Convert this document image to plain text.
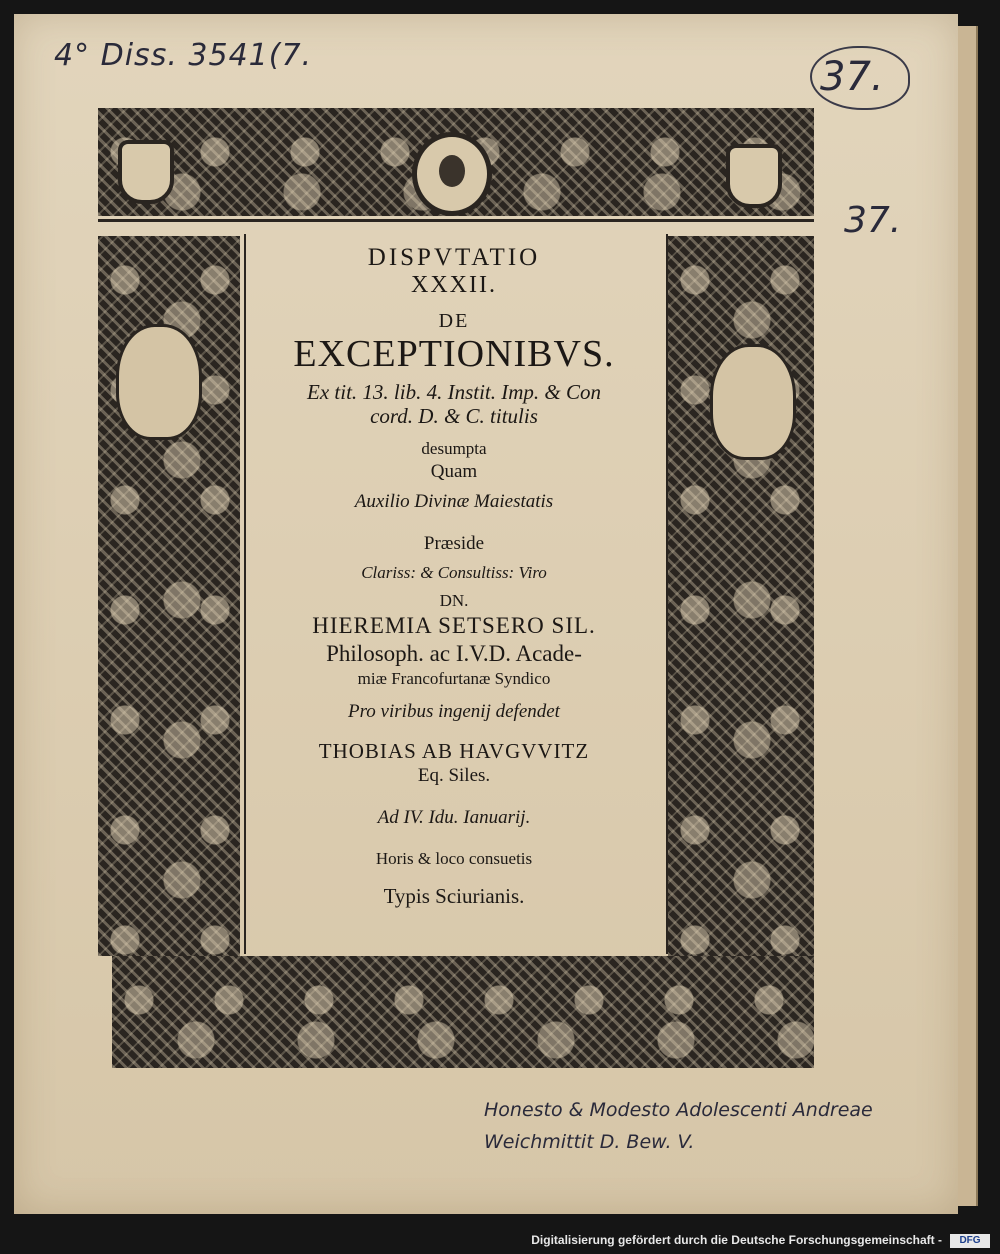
4° Diss. 3541(7.	37.
37.
DISPVTATIO
XXXII.
DE
EXCEPTIONIBVS.
Ex tit. 13. lib. 4. Instit. Imp. & Con
cord. D. & C. titulis
desumpta
Quam
Auxilio Divinæ Maiestatis
Præside
Clariss: & Consultiss: Viro
DN.
HIEREMIA SETSERO SIL.
Philosoph. ac I.V.D. Acade-
miæ Francofurtanæ Syndico
Pro viribus ingenij defendet
THOBIAS AB HAVGVVITZ
Eq. Siles.
Ad IV. Idu. Ianuarij.
Horis & loco consuetis
Typis Sciurianis.
Honesto & Modesto Adolescenti Andreae Weichmittit D. Bew. V.
Digitalisierung gefördert durch die Deutsche Forschungsgemeinschaft -	DFG
